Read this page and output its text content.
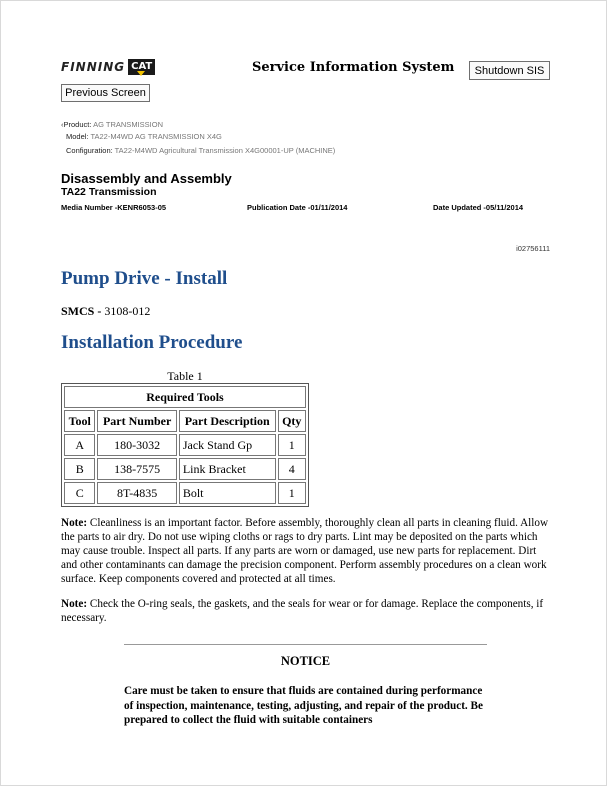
FINNING CAT	Service Information System	Shutdown SIS
Previous Screen
‹Product: AG TRANSMISSION
Model: TA22-M4WD AG TRANSMISSION X4G
Configuration: TA22-M4WD Agricultural Transmission X4G00001-UP (MACHINE)
Disassembly and Assembly
TA22 Transmission
Media Number -KENR6053-05	Publication Date -01/11/2014	Date Updated -05/11/2014
i02756111
Pump Drive - Install
SMCS - 3108-012
Installation Procedure
Table 1
Required Tools			
Tool	Part Number	Part Description	Qty
A	180-3032	Jack Stand Gp	1
B	138-7575	Link Bracket	4
C	8T-4835	Bolt	1
Note: Cleanliness is an important factor. Before assembly, thoroughly clean all parts in cleaning fluid. Allow the parts to air dry. Do not use wiping cloths or rags to dry parts. Lint may be deposited on the parts which may cause trouble. Inspect all parts. If any parts are worn or damaged, use new parts for replacement. Dirt and other contaminants can damage the precision component. Perform assembly procedures on a clean work surface. Keep components covered and protected at all times.
Note: Check the O-ring seals, the gaskets, and the seals for wear or for damage. Replace the components, if necessary.
NOTICE
Care must be taken to ensure that fluids are contained during performance of inspection, maintenance, testing, adjusting, and repair of the product. Be prepared to collect the fluid with suitable containers
